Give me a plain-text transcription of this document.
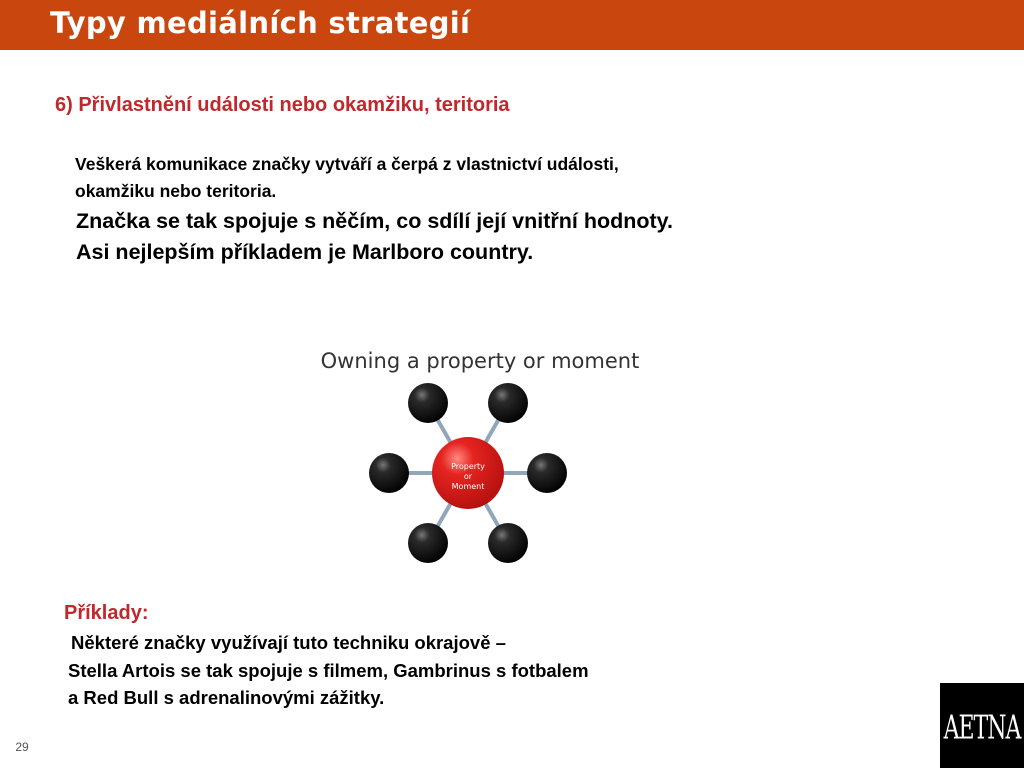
Typy mediálních strategií
6) Přivlastnění události nebo okamžiku, teritoria
Veškerá komunikace značky vytváří a čerpá z vlastnictví události,
okamžiku nebo teritoria.
Značka se tak spojuje s něčím, co sdílí její vnitřní hodnoty.
Asi nejlepším příkladem je Marlboro country.
Owning a property or moment
Property
or
Moment
Příklady:
Některé značky využívají tuto techniku okrajově –
Stella Artois se tak spojuje s filmem, Gambrinus s fotbalem
a Red Bull s adrenalinovými zážitky.
AETNA
29
